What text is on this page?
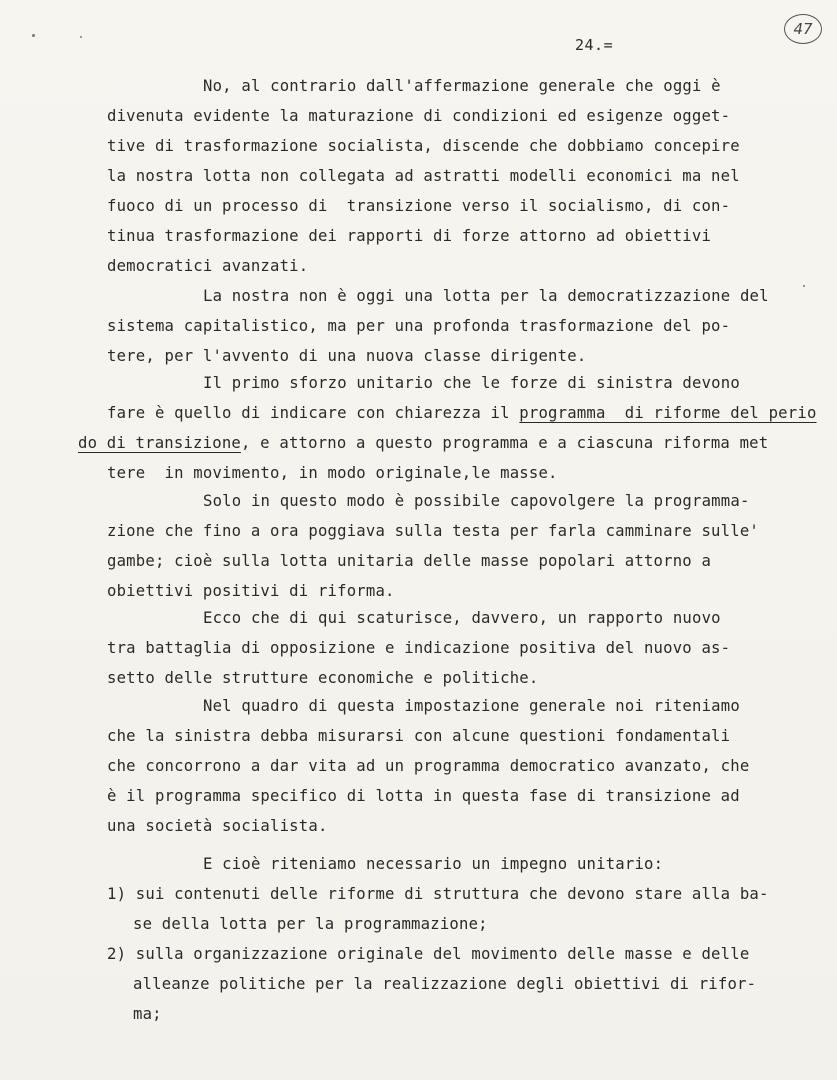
24.=
47
No, al contrario dall'affermazione generale che oggi è
divenuta evidente la maturazione di condizioni ed esigenze ogget-
tive di trasformazione socialista, discende che dobbiamo concepire
la nostra lotta non collegata ad astratti modelli economici ma nel
fuoco di un processo di  transizione verso il socialismo, di con-
tinua trasformazione dei rapporti di forze attorno ad obiettivi
democratici avanzati.
La nostra non è oggi una lotta per la democratizzazione del
sistema capitalistico, ma per una profonda trasformazione del po-
tere, per l'avvento di una nuova classe dirigente.
Il primo sforzo unitario che le forze di sinistra devono
fare è quello di indicare con chiarezza il programma  di riforme del perio
do di transizione, e attorno a questo programma e a ciascuna riforma met
tere  in movimento, in modo originale,le masse.
Solo in questo modo è possibile capovolgere la programma-
zione che fino a ora poggiava sulla testa per farla camminare sulle'
gambe; cioè sulla lotta unitaria delle masse popolari attorno a
obiettivi positivi di riforma.
Ecco che di qui scaturisce, davvero, un rapporto nuovo
tra battaglia di opposizione e indicazione positiva del nuovo as-
setto delle strutture economiche e politiche.
Nel quadro di questa impostazione generale noi riteniamo
che la sinistra debba misurarsi con alcune questioni fondamentali
che concorrono a dar vita ad un programma democratico avanzato, che
è il programma specifico di lotta in questa fase di transizione ad
una società socialista.
E cioè riteniamo necessario un impegno unitario:
1) sui contenuti delle riforme di struttura che devono stare alla ba-
se della lotta per la programmazione;
2) sulla organizzazione originale del movimento delle masse e delle
alleanze politiche per la realizzazione degli obiettivi di rifor-
ma;
